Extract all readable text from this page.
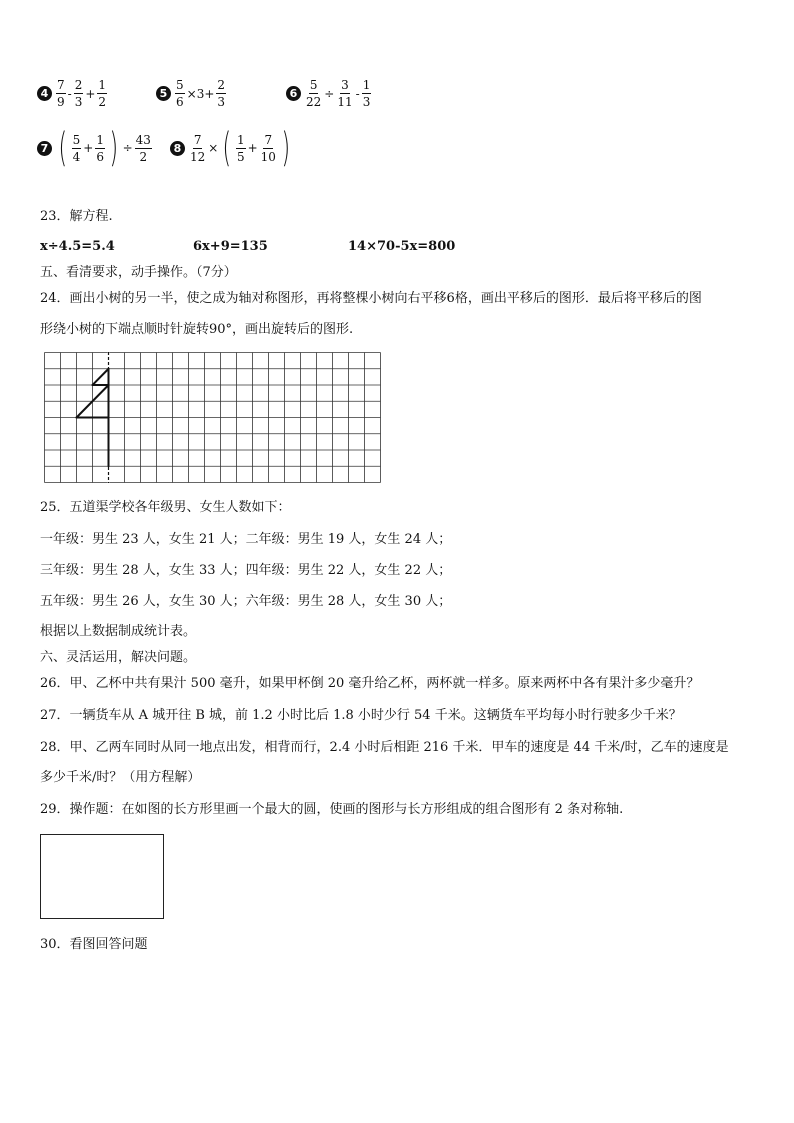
$4 \frac{7}{9} - \frac{2}{3} + \frac{1}{2}$	$5 \frac{5}{6} \times 3+ \frac{2}{3}$	$6 \frac{5}{22} \div \frac{3}{11} - \frac{1}{3}$
7 ( $\frac{5}{4} + \frac{1}{6}$ ) ÷ $\frac{43}{2}$	$8 \frac{7}{12}$ × ( $\frac{1}{5} + \frac{7}{10}$ )
23．解方程.
x÷4.5=5.4	6x+9=135	14×70-5x=800
五、看清要求，动手操作。（7分）
24．画出小树的另一半，使之成为轴对称图形，再将整棵小树向右平移6格，画出平移后的图形．最后将平移后的图
形绕小树的下端点顺时针旋转90°，画出旋转后的图形.
25．五道渠学校各年级男、女生人数如下：
一年级：男生 23 人，女生 21 人；二年级：男生 19 人，女生 24 人；
三年级：男生 28 人，女生 33 人；四年级：男生 22 人，女生 22 人；
五年级：男生 26 人，女生 30 人；六年级：男生 28 人，女生 30 人；
根据以上数据制成统计表。
六、灵活运用，解决问题。
26．甲、乙杯中共有果汁 500 毫升，如果甲杯倒 20 毫升给乙杯，两杯就一样多。原来两杯中各有果汁多少毫升？
27．一辆货车从 A 城开往 B 城，前 1.2 小时比后 1.8 小时少行 54 千米。这辆货车平均每小时行驶多少千米？
28．甲、乙两车同时从同一地点出发，相背而行，2.4 小时后相距 216 千米．甲车的速度是 44 千米/时，乙车的速度是
多少千米/时？（用方程解）
29．操作题：在如图的长方形里画一个最大的圆，使画的图形与长方形组成的组合图形有 2 条对称轴.
30．看图回答问题
